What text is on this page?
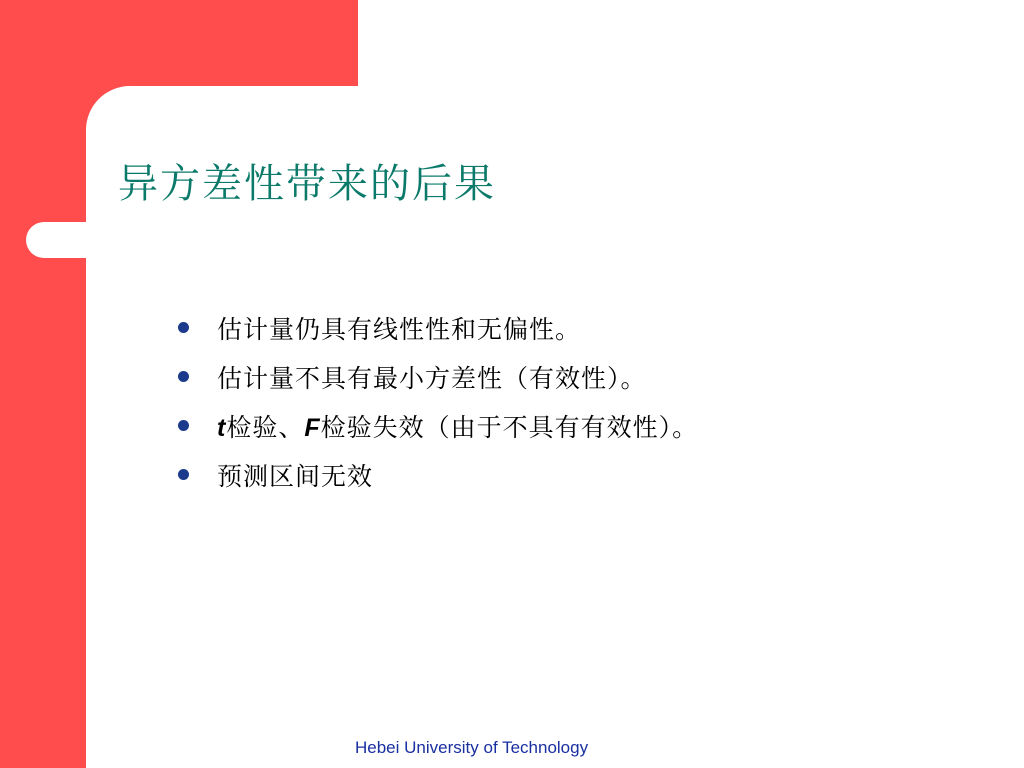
异方差性带来的后果
估计量仍具有线性性和无偏性。
估计量不具有最小方差性（有效性）。
t检验、F检验失效（由于不具有有效性）。
预测区间无效
Hebei University of Technology
